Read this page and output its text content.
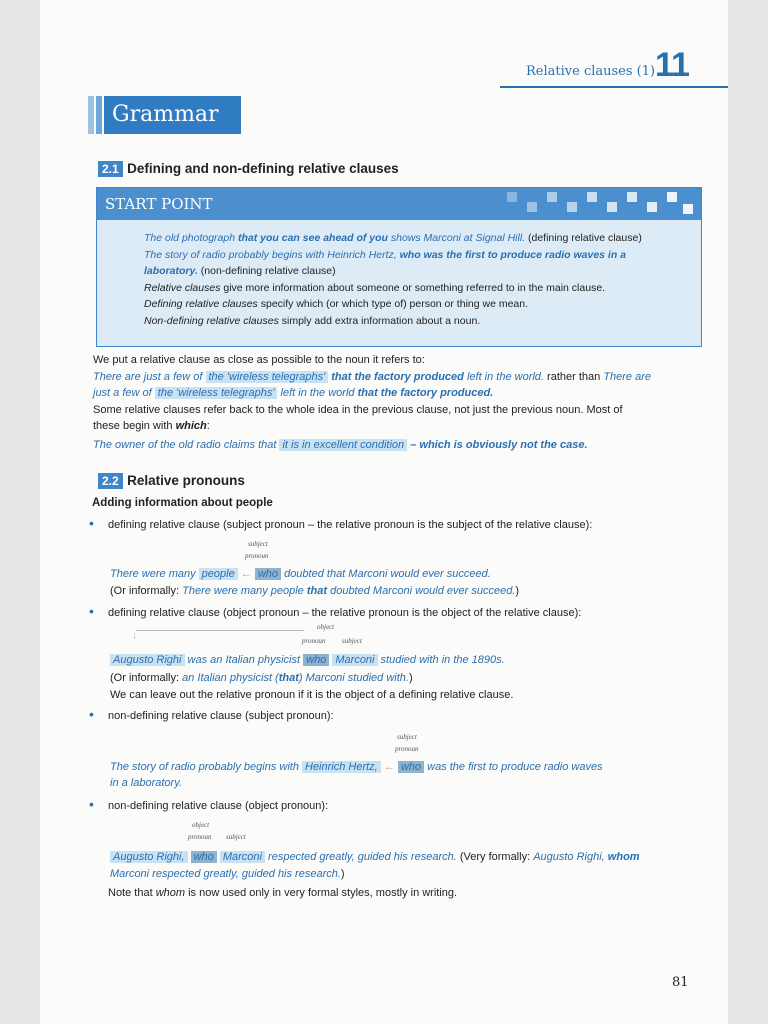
Relative clauses (1) 11
Grammar
2.1 Defining and non-defining relative clauses
START POINT
The old photograph that you can see ahead of you shows Marconi at Signal Hill. (defining relative clause)
The story of radio probably begins with Heinrich Hertz, who was the first to produce radio waves in a
laboratory. (non-defining relative clause)
Relative clauses give more information about someone or something referred to in the main clause.
Defining relative clauses specify which (or which type of) person or thing we mean.
Non-defining relative clauses simply add extra information about a noun.
We put a relative clause as close as possible to the noun it refers to:
There are just a few of the 'wireless telegraphs' that the factory produced left in the world. rather than There are
just a few of the 'wireless telegraphs' left in the world that the factory produced.
Some relative clauses refer back to the whole idea in the previous clause, not just the previous noun. Most of
these begin with which:
The owner of the old radio claims that it is in excellent condition – which is obviously not the case.
2.2 Relative pronouns
Adding information about people
• defining relative clause (subject pronoun – the relative pronoun is the subject of the relative clause):
subject
pronoun
There were many people ← who doubted that Marconi would ever succeed.
(Or informally: There were many people that doubted Marconi would ever succeed.)
• defining relative clause (object pronoun – the relative pronoun is the object of the relative clause):
↓
object
pronoun subject
Augusto Righi was an Italian physicist who Marconi studied with in the 1890s.
(Or informally: an Italian physicist (that) Marconi studied with.)
We can leave out the relative pronoun if it is the object of a defining relative clause.
• non-defining relative clause (subject pronoun):
subject
pronoun
The story of radio probably begins with Heinrich Hertz, ← who was the first to produce radio waves
in a laboratory.
• non-defining relative clause (object pronoun):
object
pronoun subject
Augusto Righi, who Marconi respected greatly, guided his research. (Very formally: Augusto Righi, whom
Marconi respected greatly, guided his research.)
Note that whom is now used only in very formal styles, mostly in writing.
81
